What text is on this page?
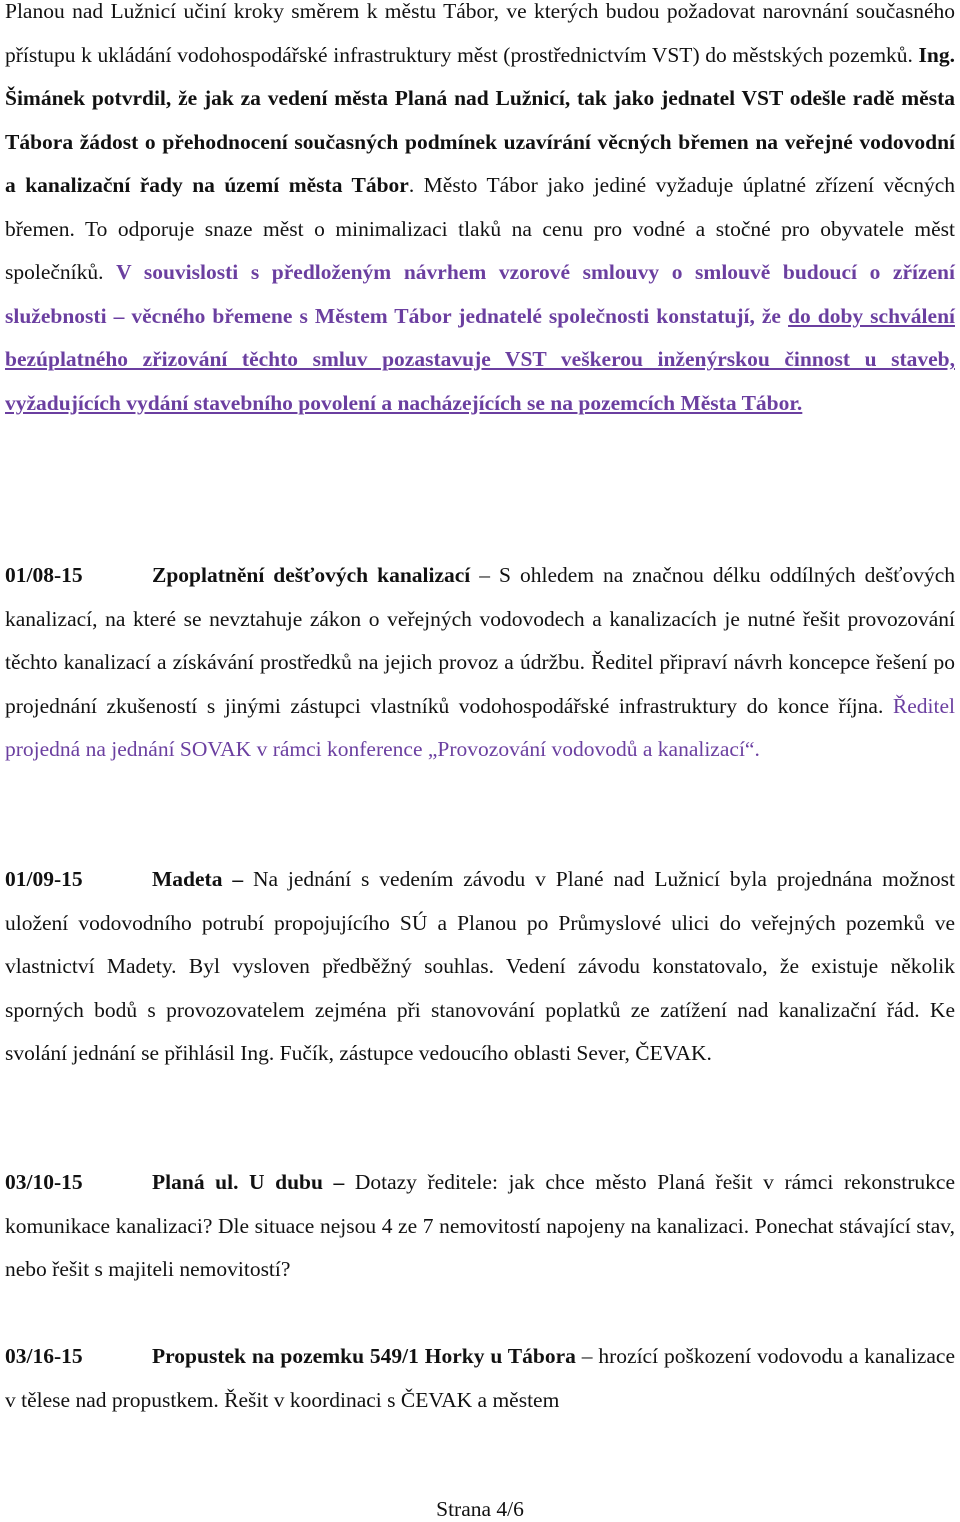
Planou nad Lužnicí učiní kroky směrem k městu Tábor, ve kterých budou požadovat narovnání současného přístupu k ukládání vodohospodářské infrastruktury měst (prostřednictvím VST) do městských pozemků. Ing. Šimánek potvrdil, že jak za vedení města Planá nad Lužnicí, tak jako jednatel VST odešle radě města Tábora žádost o přehodnocení současných podmínek uzavírání věcných břemen na veřejné vodovodní a kanalizační řady na území města Tábor. Město Tábor jako jediné vyžaduje úplatné zřízení věcných břemen. To odporuje snaze měst o minimalizaci tlaků na cenu pro vodné a stočné pro obyvatele měst společníků. V souvislosti s předloženým návrhem vzorové smlouvy o smlouvě budoucí o zřízení služebnosti – věcného břemene s Městem Tábor jednatelé společnosti konstatují, že do doby schválení bezúplatného zřizování těchto smluv pozastavuje VST veškerou inženýrskou činnost u staveb, vyžadujících vydání stavebního povolení a nacházejících se na pozemcích Města Tábor.

01/08-15	Zpoplatnění dešťových kanalizací – S ohledem na značnou délku oddílných dešťových kanalizací, na které se nevztahuje zákon o veřejných vodovodech a kanalizacích je nutné řešit provozování těchto kanalizací a získávání prostředků na jejich provoz a údržbu. Ředitel připraví návrh koncepce řešení po projednání zkušeností s jinými zástupci vlastníků vodohospodářské infrastruktury do konce října. Ředitel projedná na jednání SOVAK v rámci konference „Provozování vodovodů a kanalizací“.

01/09-15	Madeta – Na jednání s vedením závodu v Plané nad Lužnicí byla projednána možnost uložení vodovodního potrubí propojujícího SÚ a Planou po Průmyslové ulici do veřejných pozemků ve vlastnictví Madety. Byl vysloven předběžný souhlas. Vedení závodu konstatovalo, že existuje několik sporných bodů s provozovatelem zejména při stanovování poplatků ze zatížení nad kanalizační řád. Ke svolání jednání se přihlásil Ing. Fučík, zástupce vedoucího oblasti Sever, ČEVAK.

03/10-15	Planá ul. U dubu – Dotazy ředitele: jak chce město Planá řešit v rámci rekonstrukce komunikace kanalizaci? Dle situace nejsou 4 ze 7 nemovitostí napojeny na kanalizaci. Ponechat stávající stav, nebo řešit s majiteli nemovitostí?

03/16-15	Propustek na pozemku 549/1 Horky u Tábora – hrozící poškození vodovodu a kanalizace v tělese nad propustkem. Řešit v koordinaci s ČEVAK a městem

Strana 4/6
